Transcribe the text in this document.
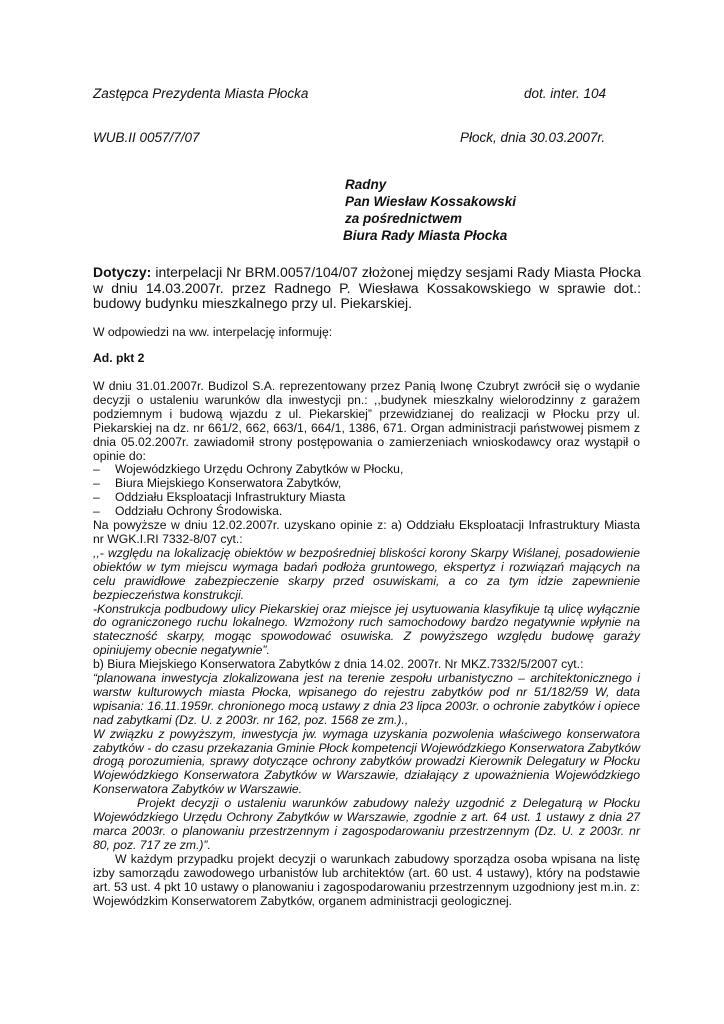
Zastępca Prezydenta Miasta Płocka	dot. inter. 104
WUB.II 0057/7/07	Płock, dnia 30.03.2007r.
Radny
Pan Wiesław Kossakowski
za pośrednictwem
Biura Rady Miasta Płocka
Dotyczy: interpelacji Nr BRM.0057/104/07 złożonej między sesjami Rady Miasta Płocka w dniu 14.03.2007r. przez Radnego P. Wiesława Kossakowskiego w sprawie dot.: budowy budynku mieszkalnego przy ul. Piekarskiej.
W odpowiedzi na ww. interpelację informuję:
Ad. pkt 2

W dniu 31.01.2007r. Budizol S.A. reprezentowany przez Panią Iwonę Czubryt zwrócił się o wydanie decyzji o ustaleniu warunków dla inwestycji pn.: ,,budynek mieszkalny wielorodzinny z garażem podziemnym i budową wjazdu z ul. Piekarskiej” przewidzianej do realizacji w Płocku przy ul. Piekarskiej na dz. nr 661/2, 662, 663/1, 664/1, 1386, 671. Organ administracji państwowej pismem z dnia 05.02.2007r. zawiadomił strony postępowania o zamierzeniach wnioskodawcy oraz wystąpił o opinie do:

– Wojewódzkiego Urzędu Ochrony Zabytków w Płocku,
– Biura Miejskiego Konserwatora Zabytków,
– Oddziału Eksploatacji Infrastruktury Miasta
– Oddziału Ochrony Środowiska.

Na powyższe w dniu 12.02.2007r. uzyskano opinie z: a) Oddziału Eksploatacji Infrastruktury Miasta nr WGK.I.RI 7332-8/07 cyt.:

,,- względu na lokalizację obiektów w bezpośredniej bliskości korony Skarpy Wiślanej, posadowienie obiektów w tym miejscu wymaga badań podłoża gruntowego, ekspertyz i rozwiązań mających na celu prawidłowe zabezpieczenie skarpy przed osuwiskami, a co za tym idzie zapewnienie bezpieczeństwa konstrukcji.

-Konstrukcja podbudowy ulicy Piekarskiej oraz miejsce jej usytuowania klasyfikuje tą ulicę wyłącznie do ograniczonego ruchu lokalnego. Wzmożony ruch samochodowy bardzo negatywnie wpłynie na stateczność skarpy, mogąc spowodować osuwiska. Z powyższego względu budowę garaży opiniujemy obecnie negatywnie”.

b) Biura Miejskiego Konserwatora Zabytków z dnia 14.02. 2007r. Nr MKZ.7332/5/2007 cyt.:

“planowana inwestycja zlokalizowana jest na terenie zespołu urbanistyczno – architektonicznego i warstw kulturowych miasta Płocka, wpisanego do rejestru zabytków pod nr 51/182/59 W, data wpisania: 16.11.1959r. chronionego mocą ustawy z dnia 23 lipca 2003r. o ochronie zabytków i opiece nad zabytkami (Dz. U. z 2003r. nr 162, poz. 1568 ze zm.).,

W związku z powyższym, inwestycja jw. wymaga uzyskania pozwolenia właściwego konserwatora zabytków - do czasu przekazania Gminie Płock kompetencji Wojewódzkiego Konserwatora Zabytków drogą porozumienia, sprawy dotyczące ochrony zabytków prowadzi Kierownik Delegatury w Płocku Wojewódzkiego Konserwatora Zabytków w Warszawie, działający z upoważnienia Wojewódzkiego Konserwatora Zabytków w Warszawie.

Projekt decyzji o ustaleniu warunków zabudowy należy uzgodnić z Delegaturą w Płocku Wojewódzkiego Urzędu Ochrony Zabytków w Warszawie, zgodnie z art. 64 ust. 1 ustawy z dnia 27 marca 2003r. o planowaniu przestrzennym i zagospodarowaniu przestrzennym (Dz. U. z 2003r. nr 80, poz. 717 ze zm.)”.

W każdym przypadku projekt decyzji o warunkach zabudowy sporządza osoba wpisana na listę izby samorządu zawodowego urbanistów lub architektów (art. 60 ust. 4 ustawy), który na podstawie art. 53 ust. 4 pkt 10 ustawy o planowaniu i zagospodarowaniu przestrzennym uzgodniony jest m.in. z:

Wojewódzkim Konserwatorem Zabytków, organem administracji geologicznej.
